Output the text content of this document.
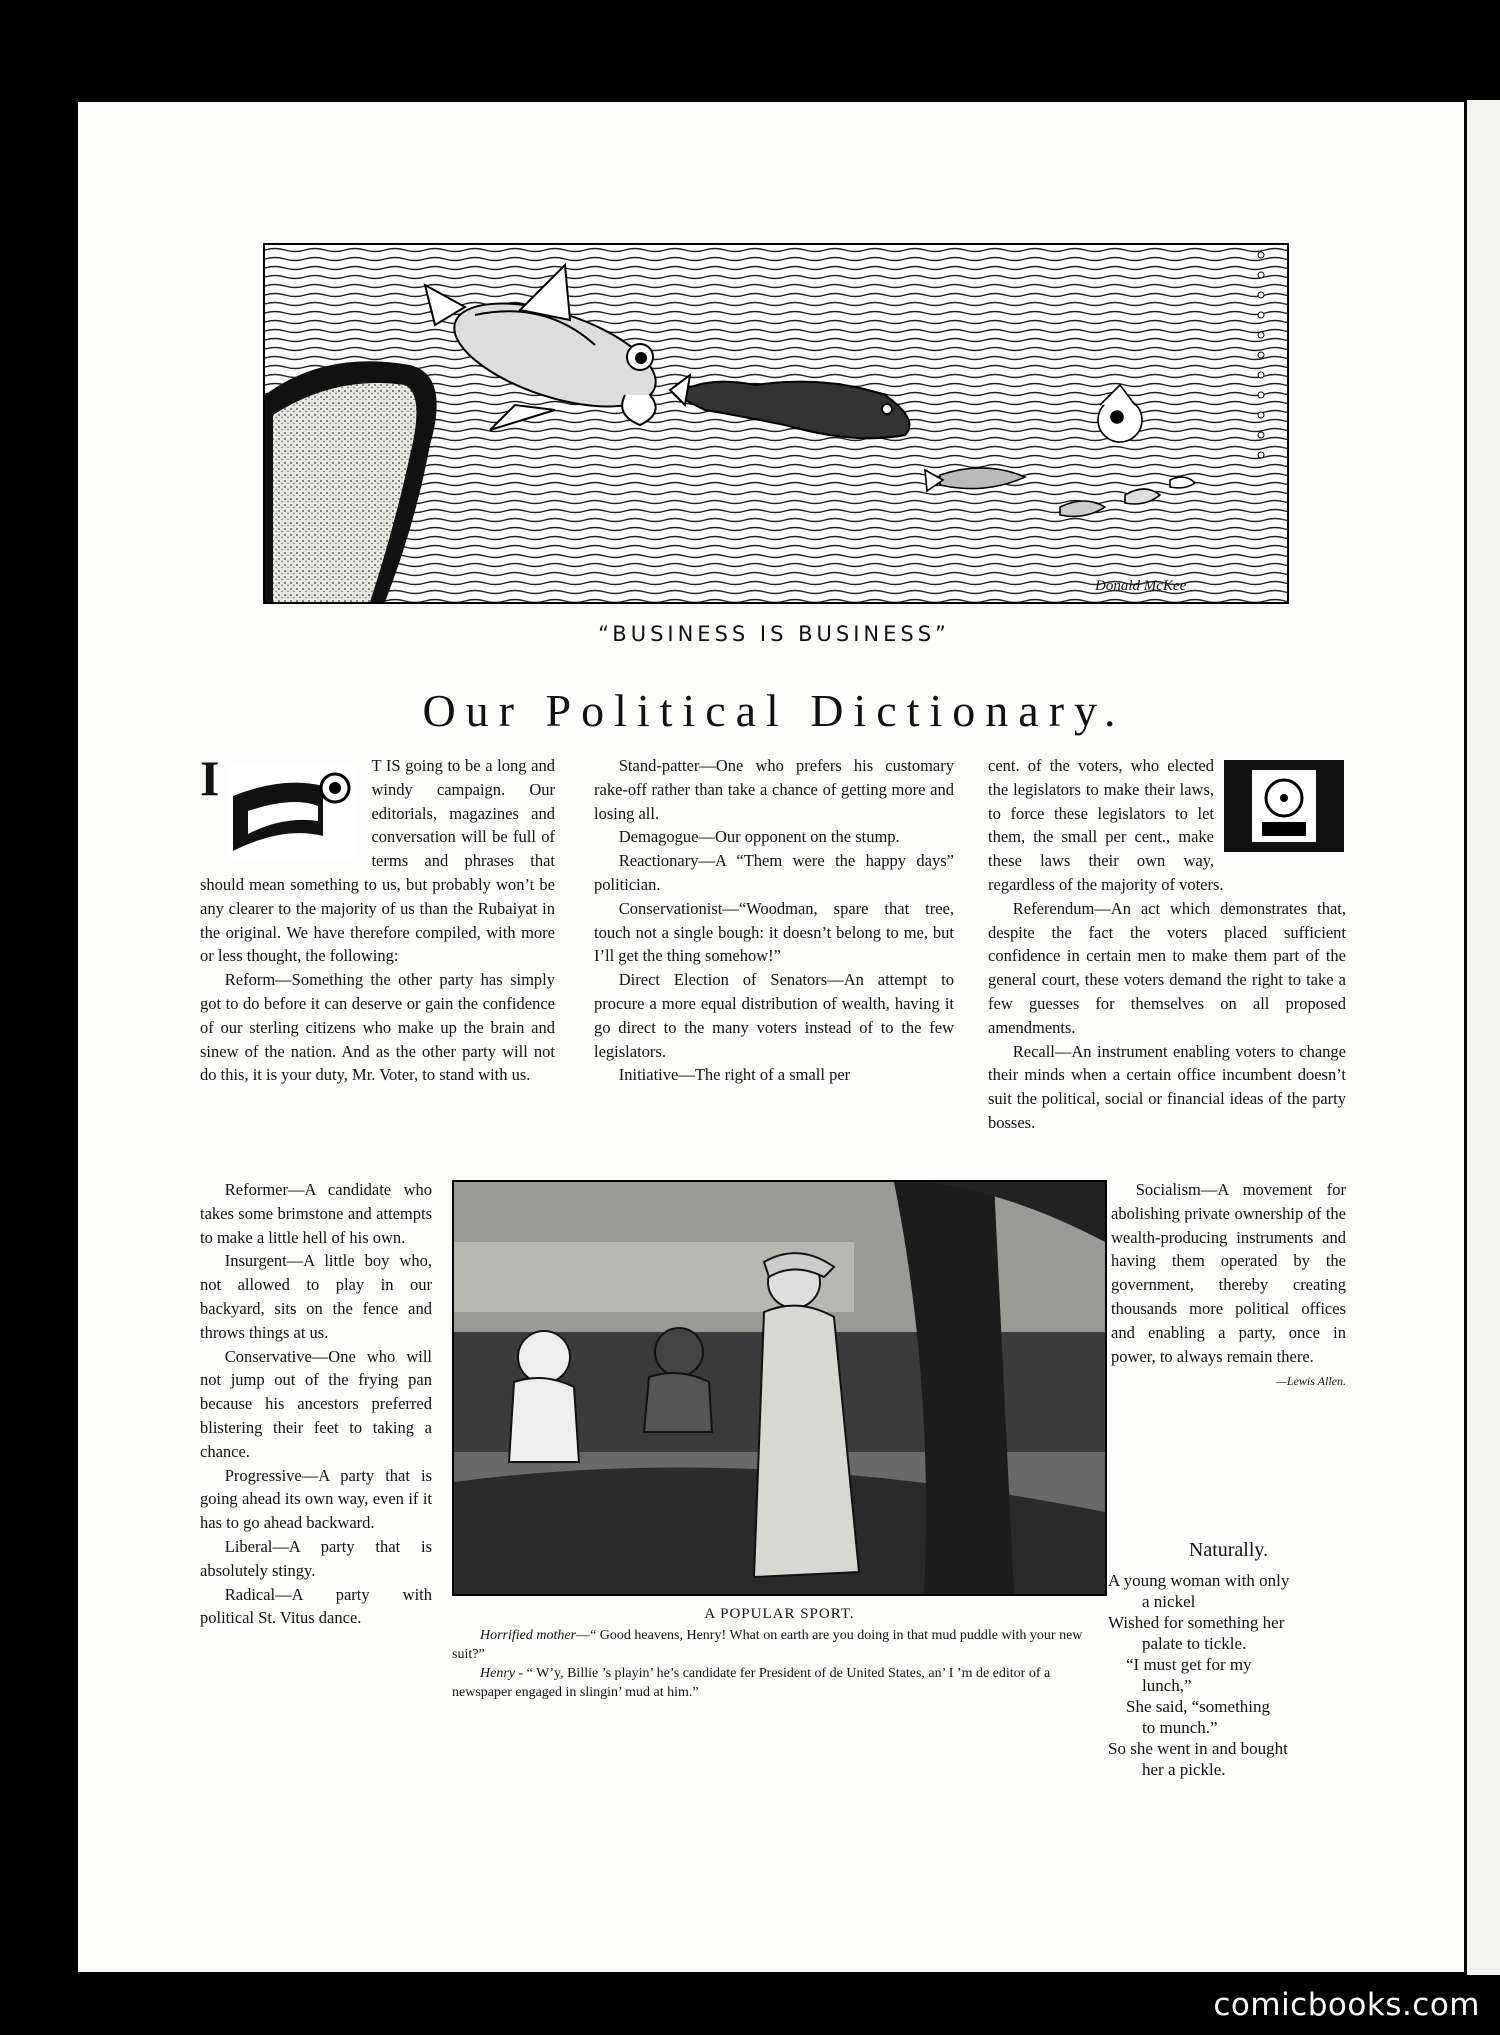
Donald McKee
“BUSINESS IS BUSINESS”
Our Political Dictionary.

I	T IS going to be a long and windy campaign. Our editorials, magazines and conversation will be full of terms and phrases that should mean something to us, but probably won’t be any clearer to the majority of us than the Rubaiyat in the original. We have therefore compiled, with more or less thought, the following:

Reform—Something the other party has simply got to do before it can deserve or gain the confidence of our sterling citizens who make up the brain and sinew of the nation. And as the other party will not do this, it is your duty, Mr. Voter, to stand with us.

Reformer—A candidate who takes some brimstone and attempts to make a little hell of his own.

Insurgent—A little boy who, not allowed to play in our backyard, sits on the fence and throws things at us.

Conservative—One who will not jump out of the frying pan because his ancestors preferred blistering their feet to taking a chance.

Progressive—A party that is going ahead its own way, even if it has to go ahead backward.

Liberal—A party that is absolutely stingy.

Radical—A party with political St. Vitus dance.

Stand-patter—One who prefers his customary rake-off rather than take a chance of getting more and losing all.

Demagogue—Our opponent on the stump.

Reactionary—A “Them were the happy days” politician.

Conservationist—“Woodman, spare that tree, touch not a single bough: it doesn’t belong to me, but I’ll get the thing somehow!”

Direct Election of Senators—An attempt to procure a more equal distribution of wealth, having it go direct to the many voters instead of to the few legislators.

Initiative—The right of a small per

cent. of the voters, who elected the legislators to make their laws, to force these legislators to let them, the small per cent., make these laws their own way, regardless of the majority of voters.

Referendum—An act which demonstrates that, despite the fact the voters placed sufficient confidence in certain men to make them part of the general court, these voters demand the right to take a few guesses for themselves on all proposed amendments.

Recall—An instrument enabling voters to change their minds when a certain office incumbent doesn’t suit the political, social or financial ideas of the party bosses.

A POPULAR SPORT.
Horrified mother—“ Good heavens, Henry! What on earth are you doing in that mud puddle with your new suit?”
Henry - “ W’y, Billie ’s playin’ he’s candidate fer President of de United States, an’ I ’m de editor of a newspaper engaged in slingin’ mud at him.”

Socialism—A movement for abolishing private ownership of the wealth-producing instruments and having them operated by the government, thereby creating thousands more political offices and enabling a party, once in power, to always remain there.

—Lewis Allen.
Naturally.
A young woman with only
a nickel
Wished for something her
palate to tickle.
“I must get for my
lunch,”
She said, “something
to munch.”
So she went in and bought
her a pickle.
comicbooks.com
